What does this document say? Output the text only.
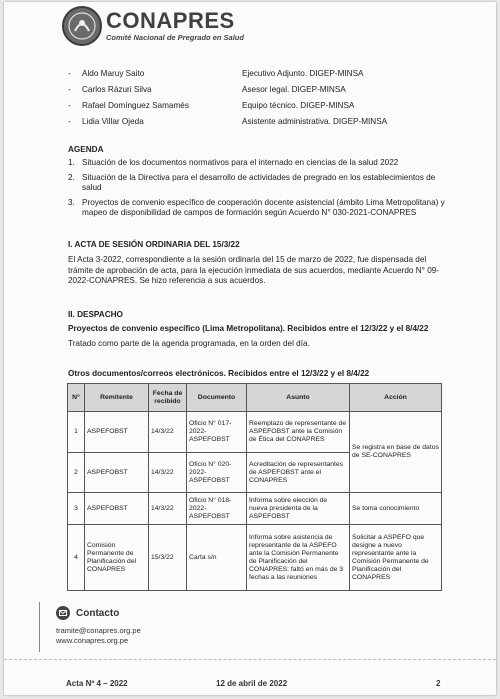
CONAPRES
Comité Nacional de Pregrado en Salud
- Aldo Maruy Saito	Ejecutivo Adjunto. DIGEP-MINSA
- Carlos Rázuri Silva	Asesor legal. DIGEP-MINSA
- Rafael Domínguez Samamés	Equipo técnico. DIGEP-MINSA
- Lidia Villar Ojeda	Asistente administrativa. DIGEP-MINSA
AGENDA
1. Situación de los documentos normativos para el internado en ciencias de la salud 2022
2. Situación de la Directiva para el desarrollo de actividades de pregrado en los establecimientos de salud
3. Proyectos de convenio específico de cooperación docente asistencial (ámbito Lima Metropolitana) y mapeo de disponibilidad de campos de formación según Acuerdo N° 030-2021-CONAPRES
I. ACTA DE SESIÓN ORDINARIA DEL 15/3/22
El Acta 3-2022, correspondiente a la sesión ordinaria del 15 de marzo de 2022, fue dispensada del trámite de aprobación de acta, para la ejecución inmediata de sus acuerdos, mediante Acuerdo N° 09-2022-CONAPRES. Se hizo referencia a sus acuerdos.
II. DESPACHO
Proyectos de convenio específico (Lima Metropolitana). Recibidos entre el 12/3/22 y el 8/4/22
Tratado como parte de la agenda programada, en la orden del día.
Otros documentos/correos electrónicos. Recibidos entre el 12/3/22 y el 8/4/22
N°	Remitente	Fecha de recibido	Documento	Asunto	Acción
1	ASPEFOBST	14/3/22	Oficio N° 017-2022-ASPEFOBST	Reemplazo de representante de ASPEFOBST ante la Comisión de Ética del CONAPRES	Se registra en base de datos de SE-CONAPRES
2	ASPEFOBST	14/3/22	Oficio N° 020-2022-ASPEFOBST	Acreditación de representantes de ASPEFOBST ante el CONAPRES	
3	ASPEFOBST	14/3/22	Oficio N° 018-2022-ASPEFOBST	Informa sobre elección de nueva presidenta de la ASPEFOBST	Se toma conocimiento
4	Comisión Permanente de Planificación del CONAPRES	15/3/22	Carta s/n	Informa sobre asistencia de representante de la ASPEFO ante la Comisión Permanente de Planificación del CONAPRES: faltó en más de 3 fechas a las reuniones	Solicitar a ASPEFO que designe a nuevo representante ante la Comisión Permanente de Planificación del CONAPRES
Contacto
tramite@conapres.org.pe
www.conapres.org.pe
Acta Nº 4 – 2022	12 de abril de 2022	2
